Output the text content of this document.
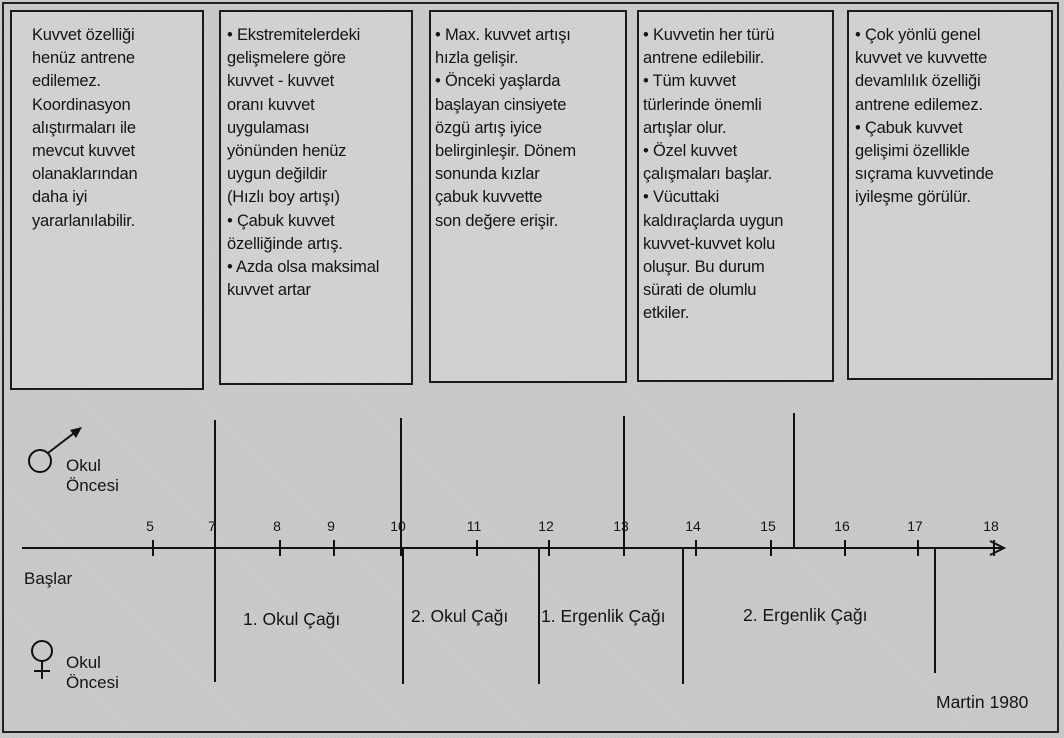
Kuvvet özelliği
henüz antrene
edilemez.
Koordinasyon
alıştırmaları ile
mevcut kuvvet
olanaklarından
daha iyi
yararlanılabilir.

• Ekstremitelerdeki
gelişmelere göre
kuvvet - kuvvet
oranı kuvvet
uygulaması
yönünden henüz
uygun değildir
(Hızlı boy artışı)
• Çabuk kuvvet
özelliğinde artış.
• Azda olsa maksimal
kuvvet artar

• Max. kuvvet artışı
hızla gelişir.
• Önceki yaşlarda
başlayan cinsiyete
özgü artış iyice
belirginleşir. Dönem
sonunda kızlar
çabuk kuvvette
son değere erişir.

• Kuvvetin her türü
antrene edilebilir.
• Tüm kuvvet
türlerinde önemli
artışlar olur.
• Özel kuvvet
çalışmaları başlar.
• Vücuttaki
kaldıraçlarda uygun
kuvvet-kuvvet kolu
oluşur. Bu durum
sürati de olumlu
etkiler.

• Çok yönlü genel
kuvvet ve kuvvette
devamlılık özelliği
antrene edilemez.
• Çabuk kuvvet
gelişimi özellikle
sıçrama kuvvetinde
iyileşme görülür.

5	7	8	9	10	11	12	13	14	15	16	17	18
Okul
Öncesi
Okul
Öncesi
Başlar
1. Okul Çağı	2. Okul Çağı 1. Ergenlik Çağı	2. Ergenlik Çağı
Martin 1980
